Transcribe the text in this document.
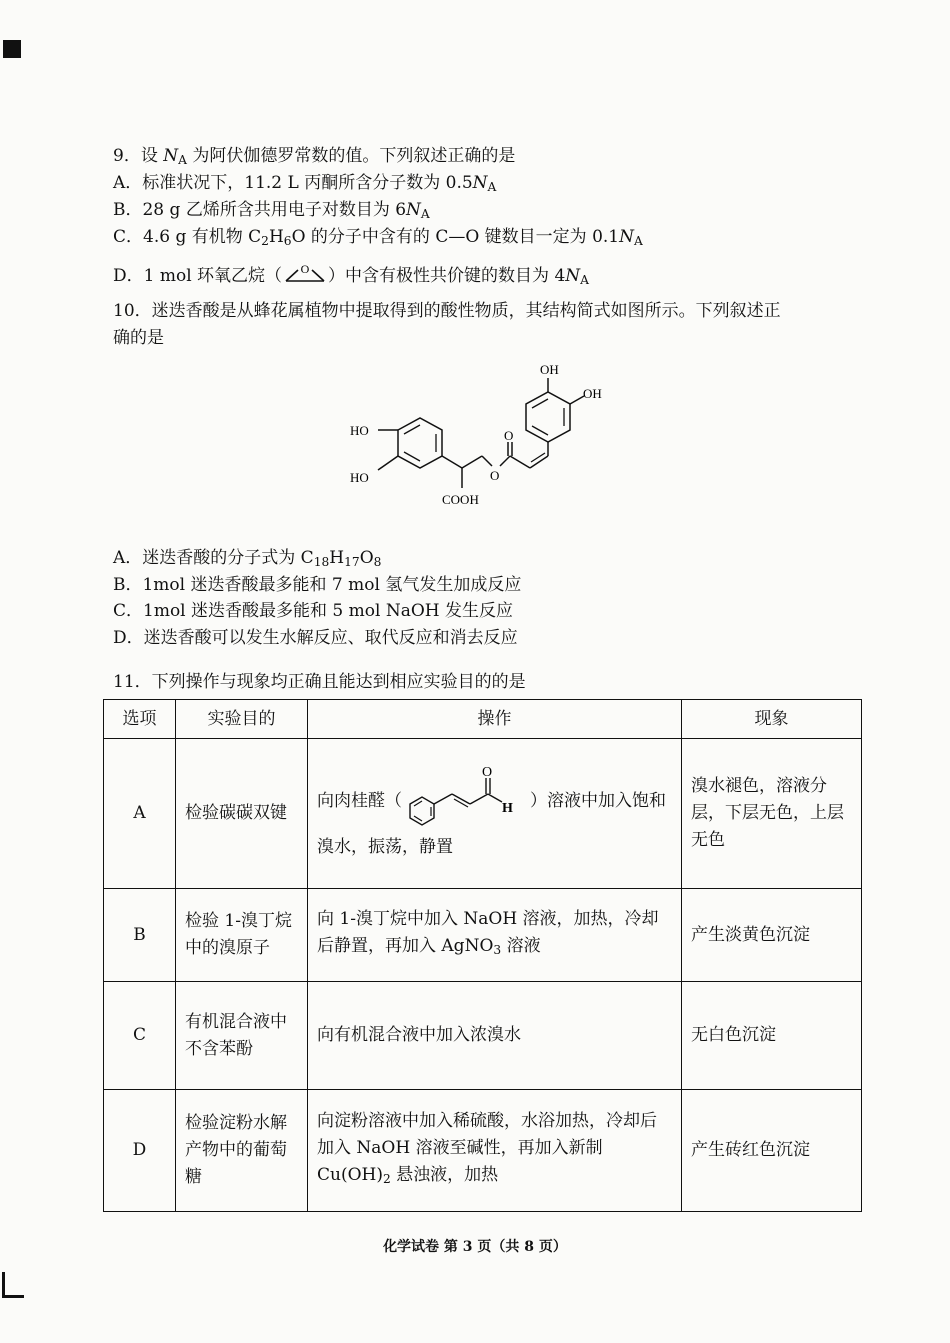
9．设 $N_A$ 为阿伏伽德罗常数的值。下列叙述正确的是
A．标准状况下，11.2 L 丙酮所含分子数为 $0.5N_A$
B．28 g 乙烯所含共用电子对数目为 $6N_A$
C．4.6 g 有机物 $C_2H_6O$ 的分子中含有的 C—O 键数目一定为 $0.1N_A$
D．1 mol 环氧乙烷（ O ）中含有极性共价键的数目为 $4N_A$
10．迷迭香酸是从蜂花属植物中提取得到的酸性物质，其结构简式如图所示。下列叙述正
确的是
HO
HO
COOH
O
O
OH
OH
A．迷迭香酸的分子式为 $C_{18}H_{17}O_8$
B．1mol 迷迭香酸最多能和 7 mol 氢气发生加成反应
C．1mol 迷迭香酸最多能和 5 mol NaOH 发生反应
D．迷迭香酸可以发生水解反应、取代反应和消去反应
11．下列操作与现象均正确且能达到相应实验目的的是
选项	实验目的	操作	现象
A	检验碳碳双键	向肉桂醛（
O
H ）溶液中加入饱和
溴水，振荡，静置	溴水褪色，溶液分层，下层无色，上层无色
B	检验 1-溴丁烷中的溴原子	向 1-溴丁烷中加入 NaOH 溶液，加热，冷却后静置，再加入 AgNO$_3$ 溶液	产生淡黄色沉淀
C	有机混合液中不含苯酚	向有机混合液中加入浓溴水	无白色沉淀
D	检验淀粉水解产物中的葡萄糖	向淀粉溶液中加入稀硫酸，水浴加热，冷却后加入 NaOH 溶液至碱性，再加入新制 $Cu(OH)_2$ 悬浊液，加热	产生砖红色沉淀
化学试卷 第 3 页（共 8 页）
